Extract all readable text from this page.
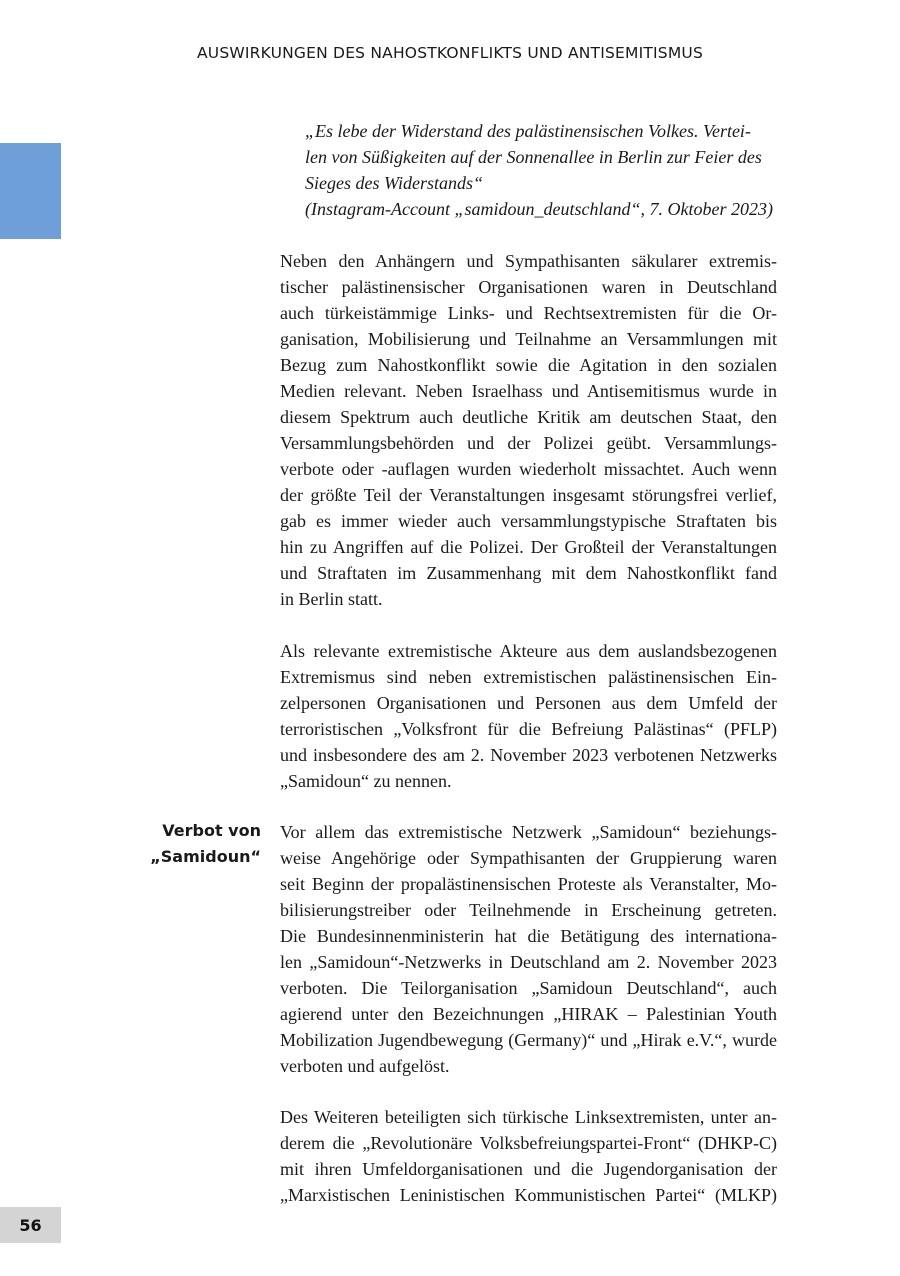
AUSWIRKUNGEN DES NAHOSTKONFLIKTS UND ANTISEMITISMUS
„Es lebe der Widerstand des palästinensischen Volkes. Vertei-
len von Süßigkeiten auf der Sonnenallee in Berlin zur Feier des
Sieges des Widerstands“
(Instagram-Account „samidoun_deutschland“, 7. Oktober 2023)
Neben den Anhängern und Sympathisanten säkularer extremis-
tischer palästinensischer Organisationen waren in Deutschland
auch türkeistämmige Links- und Rechtsextremisten für die Or-
ganisation, Mobilisierung und Teilnahme an Versammlungen mit
Bezug zum Nahostkonflikt sowie die Agitation in den sozialen
Medien relevant. Neben Israelhass und Antisemitismus wurde in
diesem Spektrum auch deutliche Kritik am deutschen Staat, den
Versammlungsbehörden und der Polizei geübt. Versammlungs-
verbote oder -auflagen wurden wiederholt missachtet. Auch wenn
der größte Teil der Veranstaltungen insgesamt störungsfrei verlief,
gab es immer wieder auch versammlungstypische Straftaten bis
hin zu Angriffen auf die Polizei. Der Großteil der Veranstaltungen
und Straftaten im Zusammenhang mit dem Nahostkonflikt fand
in Berlin statt.
Als relevante extremistische Akteure aus dem auslandsbezogenen
Extremismus sind neben extremistischen palästinensischen Ein-
zelpersonen Organisationen und Personen aus dem Umfeld der
terroristischen „Volksfront für die Befreiung Palästinas“ (PFLP)
und insbesondere des am 2. November 2023 verbotenen Netzwerks
„Samidoun“ zu nennen.
Verbot von
„Samidoun“
Vor allem das extremistische Netzwerk „Samidoun“ beziehungs-
weise Angehörige oder Sympathisanten der Gruppierung waren
seit Beginn der propalästinensischen Proteste als Veranstalter, Mo-
bilisierungstreiber oder Teilnehmende in Erscheinung getreten.
Die Bundesinnenministerin hat die Betätigung des internationa-
len „Samidoun“-Netzwerks in Deutschland am 2. November 2023
verboten. Die Teilorganisation „Samidoun Deutschland“, auch
agierend unter den Bezeichnungen „HIRAK – Palestinian Youth
Mobilization Jugendbewegung (Germany)“ und „Hirak e.V.“, wurde
verboten und aufgelöst.
Des Weiteren beteiligten sich türkische Linksextremisten, unter an-
derem die „Revolutionäre Volksbefreiungspartei-Front“ (DHKP-C)
mit ihren Umfeldorganisationen und die Jugendorganisation der
„Marxistischen Leninistischen Kommunistischen Partei“ (MLKP)
56
